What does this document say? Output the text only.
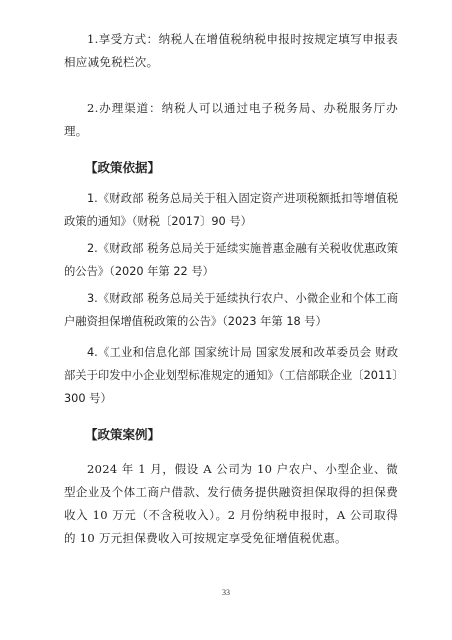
1.享受方式：纳税人在增值税纳税申报时按规定填写申报表相应减免税栏次。

2.办理渠道：纳税人可以通过电子税务局、办税服务厅办理。

【政策依据】

1.《财政部 税务总局关于租入固定资产进项税额抵扣等增值税政策的通知》（财税〔2017〕90 号）

2.《财政部 税务总局关于延续实施普惠金融有关税收优惠政策的公告》（2020 年第 22 号）

3.《财政部 税务总局关于延续执行农户、小微企业和个体工商户融资担保增值税政策的公告》（2023 年第 18 号）

4.《工业和信息化部 国家统计局 国家发展和改革委员会 财政部关于印发中小企业划型标准规定的通知》（工信部联企业〔2011〕300 号）

【政策案例】

2024 年 1 月，假设 A 公司为 10 户农户、小型企业、微型企业及个体工商户借款、发行债务提供融资担保取得的担保费收入 10 万元（不含税收入）。2 月份纳税申报时，A 公司取得的 10 万元担保费收入可按规定享受免征增值税优惠。

33
